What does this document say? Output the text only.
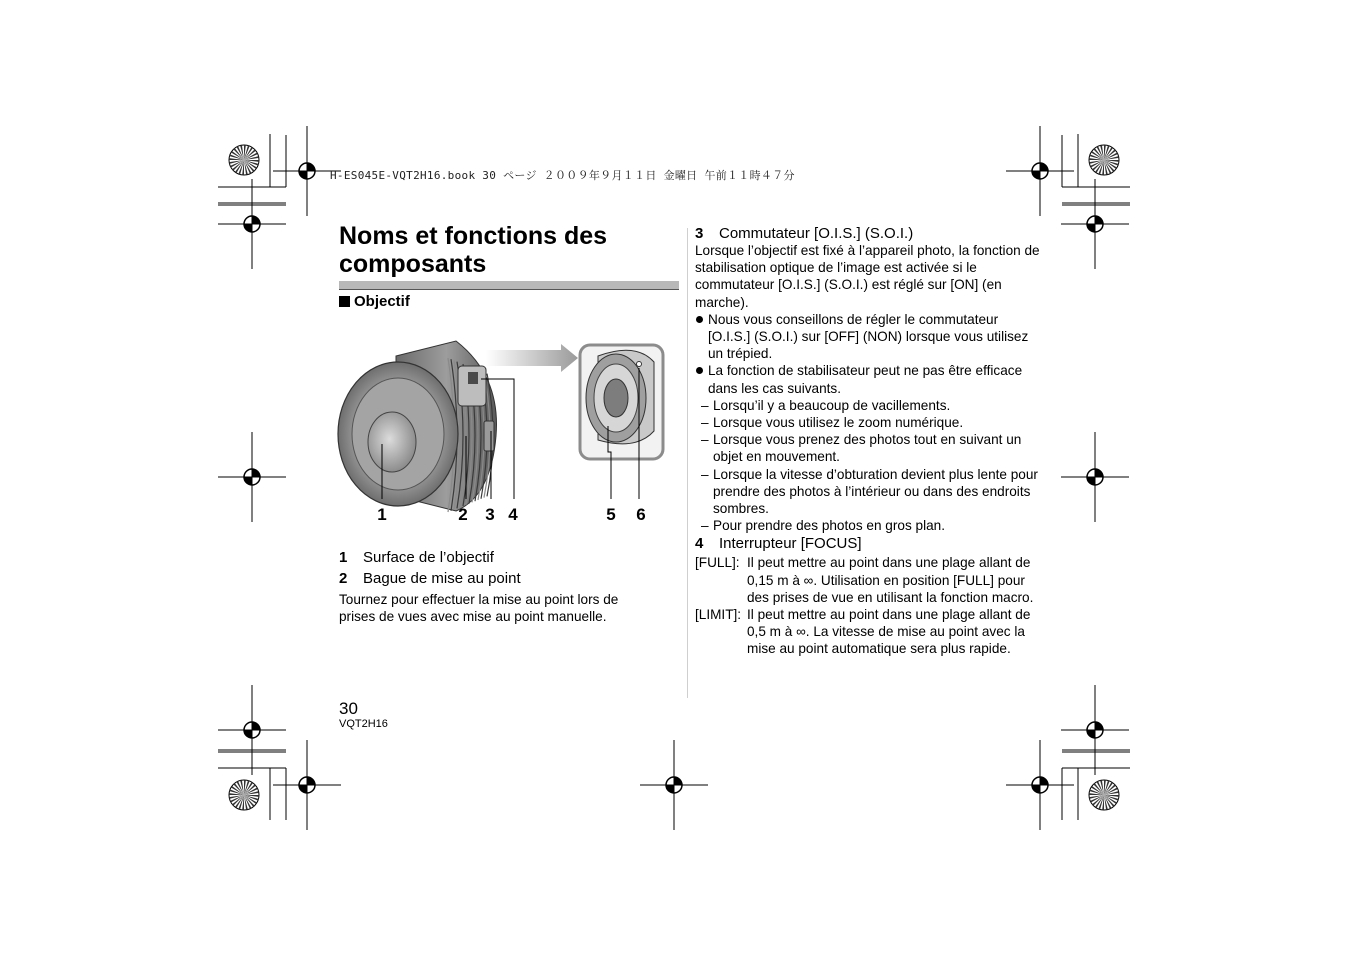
H-ES045E-VQT2H16.book 30 ページ ２００９年９月１１日 金曜日 午前１１時４７分
Noms et fonctions des composants
Objectif
1	2 3 4	5 6
1 Surface de l’objectif
2 Bague de mise au point
Tournez pour effectuer la mise au point lors de prises de vues avec mise au point manuelle.
3 Commutateur [O.I.S.] (S.O.I.)
Lorsque l’objectif est fixé à l’appareil photo, la fonction de stabilisation optique de l’image est activée si le commutateur [O.I.S.] (S.O.I.) est réglé sur [ON] (en marche).
Nous vous conseillons de régler le commutateur [O.I.S.] (S.O.I.) sur [OFF] (NON) lorsque vous utilisez un trépied.
La fonction de stabilisateur peut ne pas être efficace dans les cas suivants.
– Lorsqu’il y a beaucoup de vacillements.
– Lorsque vous utilisez le zoom numérique.
– Lorsque vous prenez des photos tout en suivant un objet en mouvement.
– Lorsque la vitesse d’obturation devient plus lente pour prendre des photos à l’intérieur ou dans des endroits sombres.
– Pour prendre des photos en gros plan.
4 Interrupteur [FOCUS]
[FULL]: Il peut mettre au point dans une plage allant de 0,15 m à ∞. Utilisation en position [FULL] pour des prises de vue en utilisant la fonction macro.
[LIMIT]: Il peut mettre au point dans une plage allant de 0,5 m à ∞. La vitesse de mise au point avec la mise au point automatique sera plus rapide.
30
VQT2H16
